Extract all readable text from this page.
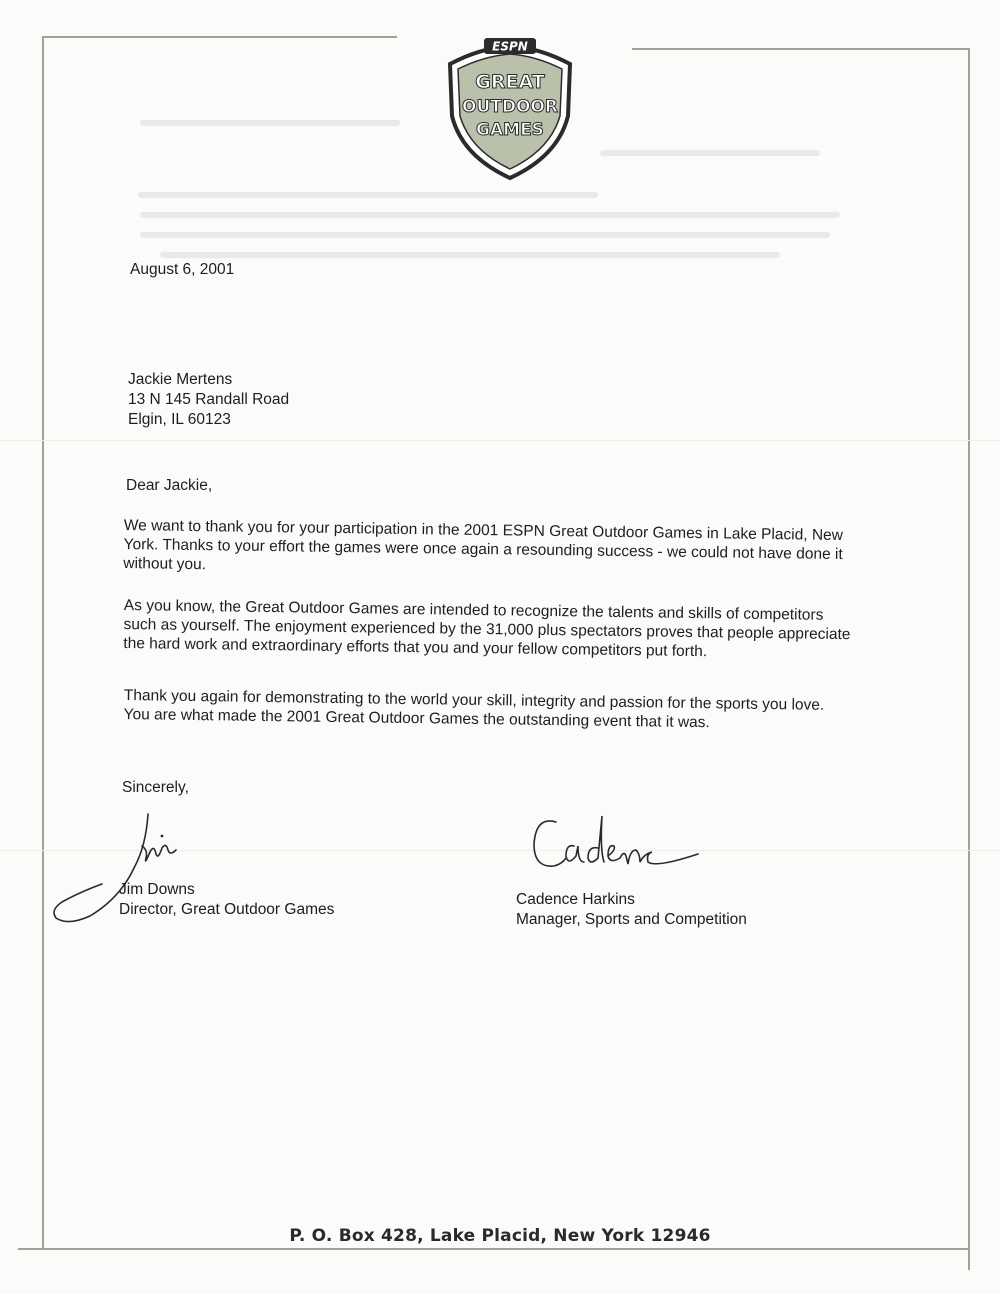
ESPN
GREAT
OUTDOOR
GAMES

August 6, 2001

Jackie Mertens
13 N 145 Randall Road
Elgin, IL 60123

Dear Jackie,

We want to thank you for your participation in the 2001 ESPN Great Outdoor Games in Lake Placid, New York. Thanks to your effort the games were once again a resounding success - we could not have done it without you.

As you know, the Great Outdoor Games are intended to recognize the talents and skills of competitors such as yourself. The enjoyment experienced by the 31,000 plus spectators proves that people appreciate the hard work and extraordinary efforts that you and your fellow competitors put forth.

Thank you again for demonstrating to the world your skill, integrity and passion for the sports you love. You are what made the 2001 Great Outdoor Games the outstanding event that it was.

Sincerely,

Jim Downs
Director, Great Outdoor Games
Cadence Harkins
Manager, Sports and Competition
P. O. Box 428, Lake Placid, New York 12946
